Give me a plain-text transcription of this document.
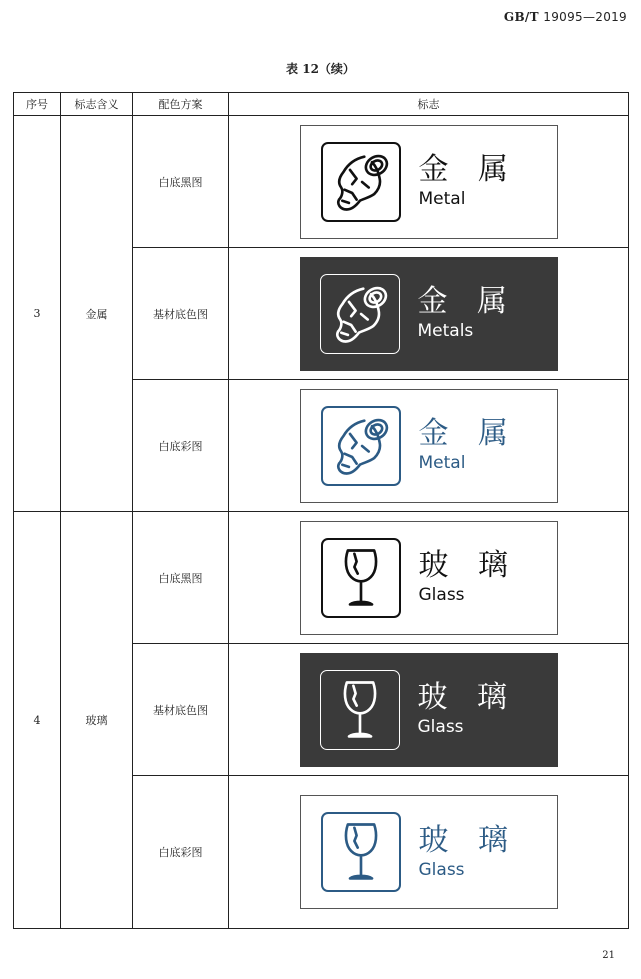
GB/T 19095—2019
表 12（续）
序号	标志含义	配色方案	标志
3	金属	白底黑图	金 属
Metal

		基材底色图	金 属
Metals

		白底彩图	金 属
Metal

4	玻璃	白底黑图	玻 璃
Glass

		基材底色图	玻 璃
Glass

		白底彩图	玻 璃
Glass
21
